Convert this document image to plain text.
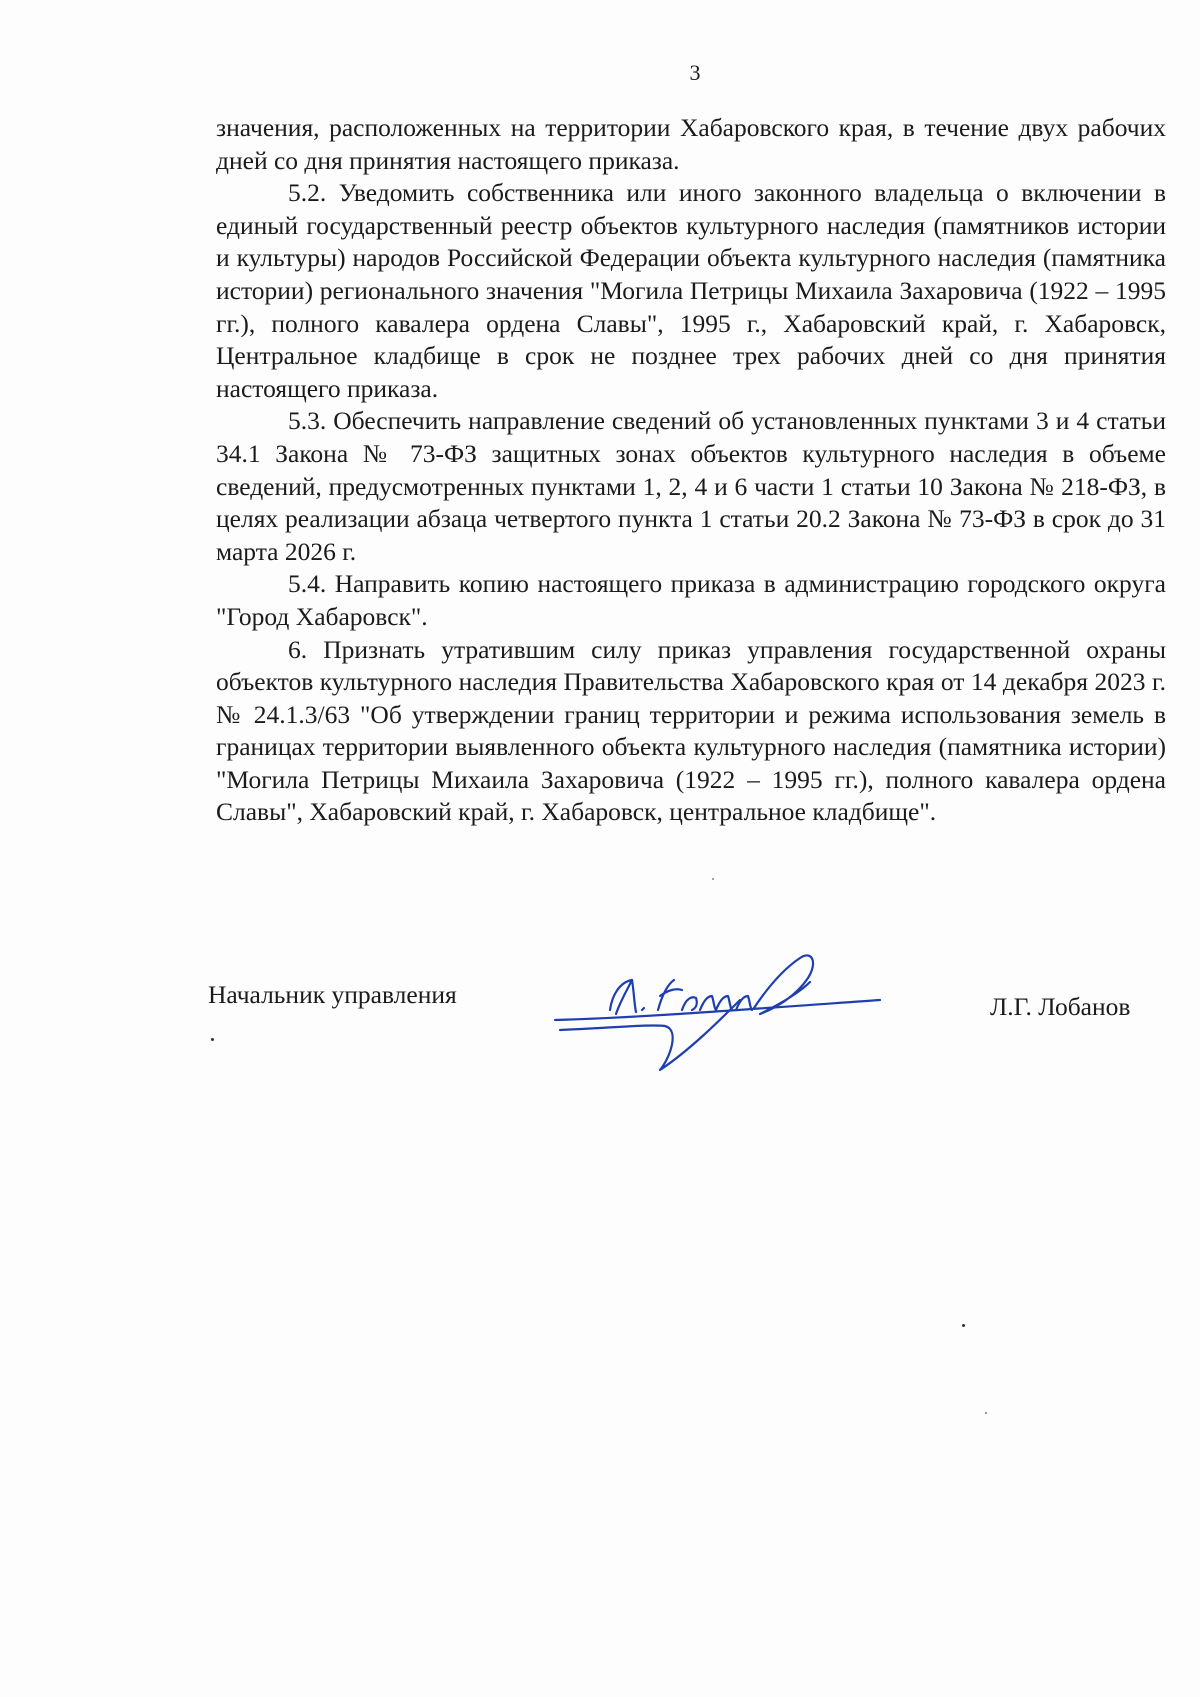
3

значения, расположенных на территории Хабаровского края, в течение двух рабочих дней со дня принятия настоящего приказа.

5.2. Уведомить собственника или иного законного владельца о включении в единый государственный реестр объектов культурного наследия (памятников истории и культуры) народов Российской Федерации объекта культурного наследия (памятника истории) регионального значения "Могила Петрицы Михаила Захаровича (1922 – 1995 гг.), полного кавалера ордена Славы", 1995 г., Хабаровский край, г. Хабаровск, Центральное кладбище в срок не позднее трех рабочих дней со дня принятия настоящего приказа.

5.3. Обеспечить направление сведений об установленных пунктами 3 и 4 статьи 34.1 Закона № 73-ФЗ защитных зонах объектов культурного наследия в объеме сведений, предусмотренных пунктами 1, 2, 4 и 6 части 1 статьи 10 Закона № 218-ФЗ, в целях реализации абзаца четвертого пункта 1 статьи 20.2 Закона № 73-ФЗ в срок до 31 марта 2026 г.

5.4. Направить копию настоящего приказа в администрацию городского округа "Город Хабаровск".

6. Признать утратившим силу приказ управления государственной охраны объектов культурного наследия Правительства Хабаровского края от 14 декабря 2023 г. № 24.1.3/63 "Об утверждении границ территории и режима использования земель в границах территории выявленного объекта культурного наследия (памятника истории) "Могила Петрицы Михаила Захаровича (1922 – 1995 гг.), полного кавалера ордена Славы", Хабаровский край, г. Хабаровск, центральное кладбище".

Начальник управления	Л.Г. Лобанов
